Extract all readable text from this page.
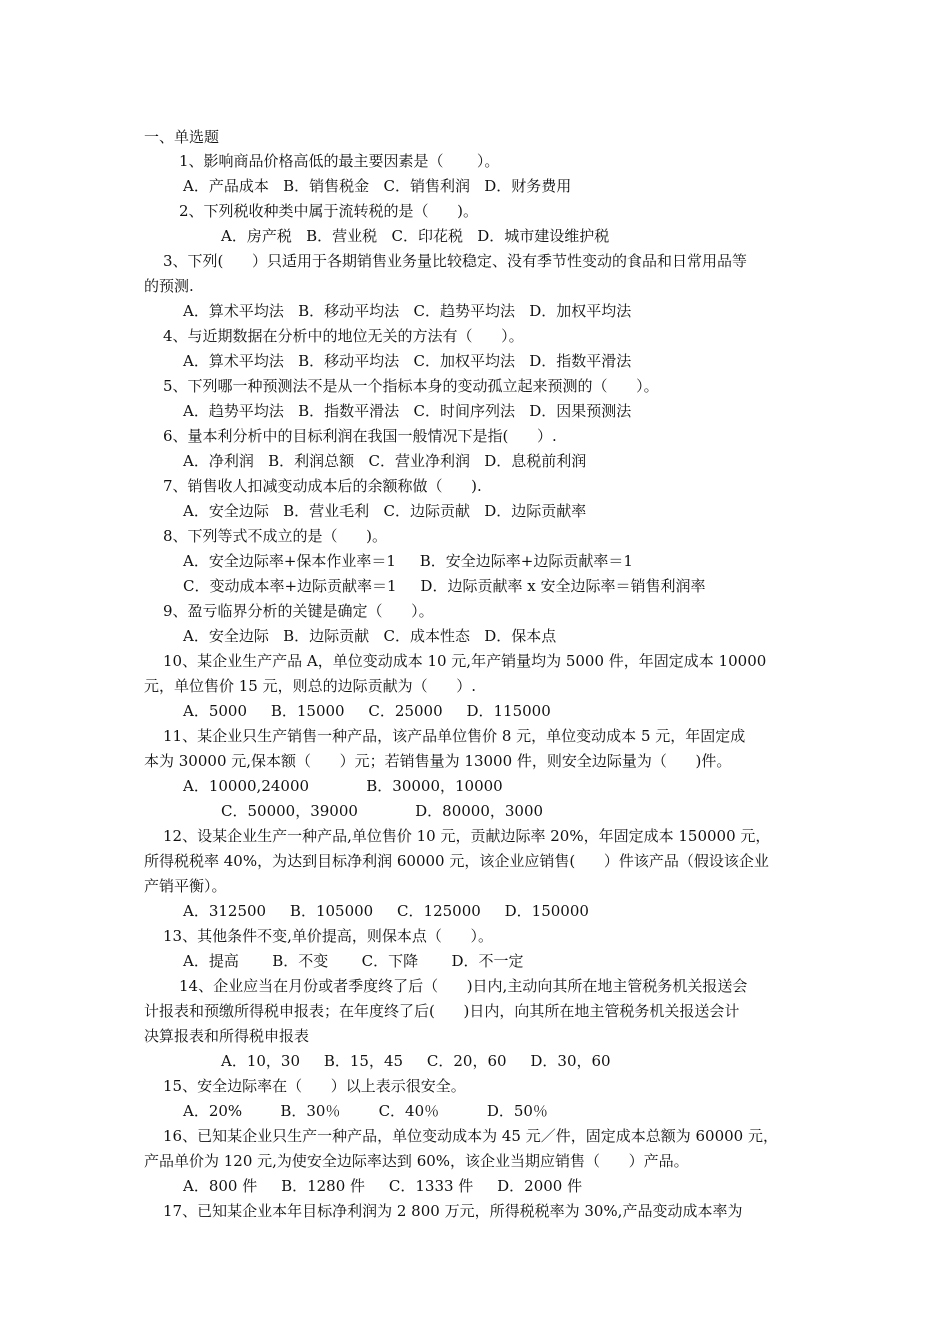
一、单选题
1、影响商品价格高低的最主要因素是（       ）。
A．产品成本   B．销售税金   C．销售利润   D．财务费用
2、下列税收种类中属于流转税的是（      )。
A．房产税   B．营业税   C．印花税   D．城市建设维护税
3、下列(      ）只适用于各期销售业务量比较稳定、没有季节性变动的食品和日常用品等
的预测.
A．算术平均法   B．移动平均法   C．趋势平均法   D．加权平均法
4、与近期数据在分析中的地位无关的方法有（      ）。
A．算术平均法   B．移动平均法   C．加权平均法   D．指数平滑法
5、下列哪一种预测法不是从一个指标本身的变动孤立起来预测的（      ）。
A．趋势平均法   B．指数平滑法   C．时间序列法   D．因果预测法
6、量本利分析中的目标利润在我国一般情况下是指(      ）.
A．净利润   B．利润总额   C．营业净利润   D．息税前利润
7、销售收人扣减变动成本后的余额称做（      ).
A．安全边际   B．营业毛利   C．边际贡献   D．边际贡献率
8、下列等式不成立的是（      )。
A．安全边际率+保本作业率＝1     B．安全边际率+边际贡献率＝1
C．变动成本率+边际贡献率＝1     D．边际贡献率 x 安全边际率＝销售利润率
9、盈亏临界分析的关键是确定（      ）。
A．安全边际   B．边际贡献   C．成本性态   D．保本点
10、某企业生产产品 A，单位变动成本 10 元,年产销量均为 5000 件，年固定成本 10000
元，单位售价 15 元，则总的边际贡献为（      ）.
A．5000     B．15000     C．25000     D．115000
11、某企业只生产销售一种产品，该产品单位售价 8 元，单位变动成本 5 元，年固定成
本为 30000 元,保本额（      ）元；若销售量为 13000 件，则安全边际量为（      )件。
A．10000,24000            B．30000，10000
C．50000，39000            D．80000，3000
12、设某企业生产一种产品,单位售价 10 元，贡献边际率 20%，年固定成本 150000 元，
所得税税率 40%，为达到目标净利润 60000 元，该企业应销售(      ）件该产品（假设该企业
产销平衡）。
A．312500     B．105000     C．125000     D．150000
13、其他条件不变,单价提高，则保本点（      ）。
A．提高       B．不变       C．下降       D．不一定
14、企业应当在月份或者季度终了后（      )日内,主动向其所在地主管税务机关报送会
计报表和预缴所得税申报表；在年度终了后(      )日内，向其所在地主管税务机关报送会计
决算报表和所得税申报表
A．10，30     B．15，45     C．20，60     D．30，60
15、安全边际率在（      ）以上表示很安全。
A．20%        B．30％        C．40％          D．50％
16、已知某企业只生产一种产品，单位变动成本为 45 元／件，固定成本总额为 60000 元，
产品单价为 120 元,为使安全边际率达到 60%，该企业当期应销售（      ）产品。
A．800 件     B．1280 件     C．1333 件     D．2000 件
17、已知某企业本年目标净利润为 2 800 万元，所得税税率为 30%,产品变动成本率为
